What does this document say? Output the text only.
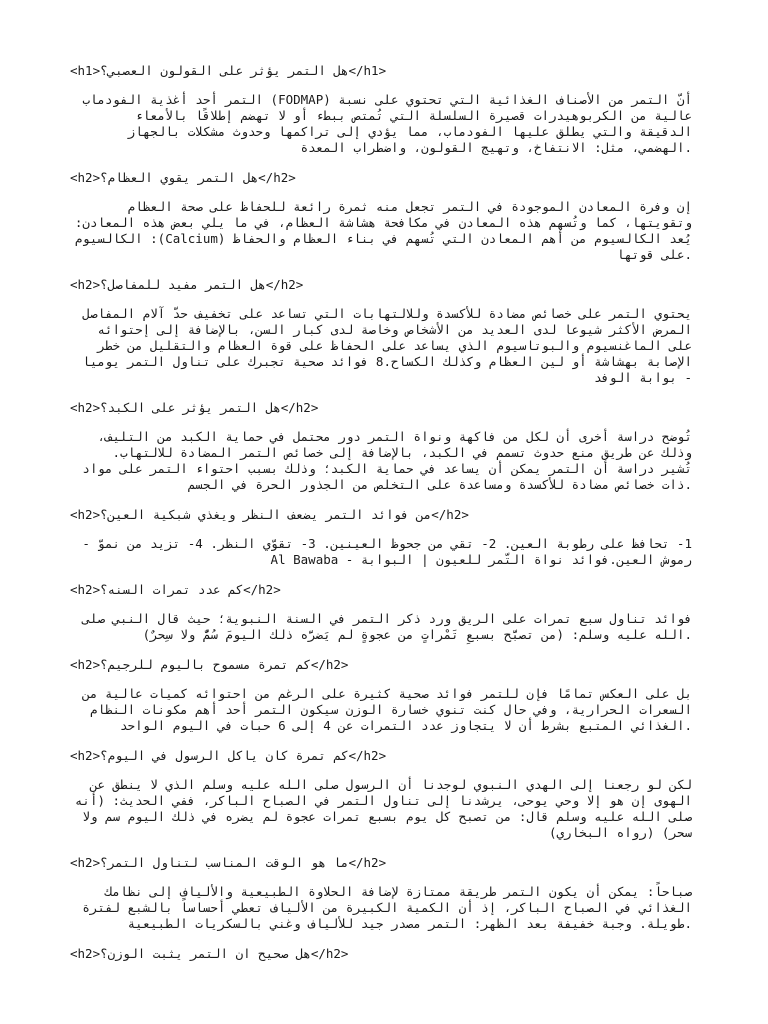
<h1>هل التمر يؤثر على القولون العصبي؟</h1>
أنّ التمر من الأصناف الغذائية التي تحتوي على نسبة (FODMAP) التمر أحد أغذية الفودماب
عالية من الكربوهيدرات قصيرة السلسلة التي تُمتص ببطء أو لا تهضم إطلاقًا بالأمعاء
الدقيقة والتي يطلق عليها الفودماب، مما يؤدي إلى تراكمها وحدوث مشكلات بالجهاز
.الهضمي، مثل: الانتفاخ، وتهيج القولون، واضطراب المعدة
<h2>هل التمر يقوي العظام؟</h2>
إن وفرة المعادن الموجودة في التمر تجعل منه ثمرة رائعة للحفاظ على صحة العظام
وتقويتها، كما وتُسهم هذه المعادن في مكافحة هشاشة العظام، في ما يلي بعض هذه المعادن:
يُعد الكالسيوم من أهم المعادن التي تُسهم في بناء العظام والحفاظ (Calcium): الكالسيوم
.على قوتها
<h2>هل التمر مفيد للمفاصل؟</h2>
يحتوي التمر على خصائص مضادة للأكسدة وللالتهابات التي تساعد على تخفيف حدّ آلام المفاصل
المرض الأكثر شيوعا لدى العديد من الأشخاص وخاصة لدى كبار السن، بالإضافة إلى إحتوائه
على الماغنسيوم والبوتاسيوم الذي يساعد على الحفاظ على قوة العظام والتقليل من خطر
الإصابة بهشاشة أو لين العظام وكذلك الكساح.8 فوائد صحية تجبرك على تناول التمر يوميا
- بوابة الوفد
<h2>هل التمر يؤثر على الكبد؟</h2>
تُوضح دراسة أخرى أن لكل من فاكهة ونواة التمر دور محتمل في حماية الكبد من التليف،
وذلك عن طريق منع حدوث تسمم في الكبد، بالإضافة إلى خصائص التمر المضادة للالتهاب.
تُشير دراسة أن التمر يمكن أن يساعد في حماية الكبد؛ وذلك بسبب احتواء التمر على مواد
.ذات خصائص مضادة للأكسدة ومساعدة على التخلص من الجذور الحرة في الجسم
<h2>من فوائد التمر يضعف النظر ويغذي شبكية العين؟</h2>
1- تحافظ على رطوبة العين. 2- تقي من جحوظ العينين. 3- تقوّي النظر. 4- تزيد من نموّ -
رموش العين.فوائد نواة التّمر للعيون | البوابة - Al Bawaba
<h2>كم عدد تمرات السنه؟</h2>
فوائد تناول سبع تمرات على الريق ورد ذكر التمر في السنة النبوية؛ حيث قال النبي صلى
.الله عليه وسلم: (من تصبَّح بسبعِ تَمْراتٍ من عجوةٍ لم يَضرَّه ذلك اليومَ سُمٌّ ولا سِحرٌ)
<h2>كم تمرة مسموح باليوم للرجيم؟</h2>
بل على العكس تمامًا فإن للتمر فوائد صحية كثيرة على الرغم من احتوائه كميات عالية من
السعرات الحرارية، وفي حال كنت تنوي خسارة الوزن سيكون التمر أحد أهم مكونات النظام
.الغذائي المتبع بشرط أن لا يتجاوز عدد التمرات عن 4 إلى 6 حبات في اليوم الواحد
<h2>كم تمرة كان ياكل الرسول في اليوم؟</h2>
لكن لو رجعنا إلى الهدي النبوي لوجدنا أن الرسول صلى الله عليه وسلم الذي لا ينطق عن
الهوى إن هو إلا وحي يوحى، يرشدنا إلى تناول التمر في الصباح الباكر، ففي الحديث: (أنه
صلى الله عليه وسلم قال: من تصبح كل يوم بسبع تمرات عجوة لم يضره في ذلك اليوم سم ولا
سحر) (رواه البخاري)
<h2>ما هو الوقت المناسب لتناول التمر؟</h2>
صباحاً: يمكن أن يكون التمر طريقة ممتازة لإضافة الحلاوة الطبيعية والألياف إلى نظامك
الغذائي في الصباح الباكر، إذ أن الكمية الكبيرة من الألياف تعطي أحساساً بالشبع لفترة
.طويلة. وجبة خفيفة بعد الظهر: التمر مصدر جيد للألياف وغني بالسكريات الطبيعية
<h2>هل صحيح ان التمر يثبت الوزن؟</h2>
